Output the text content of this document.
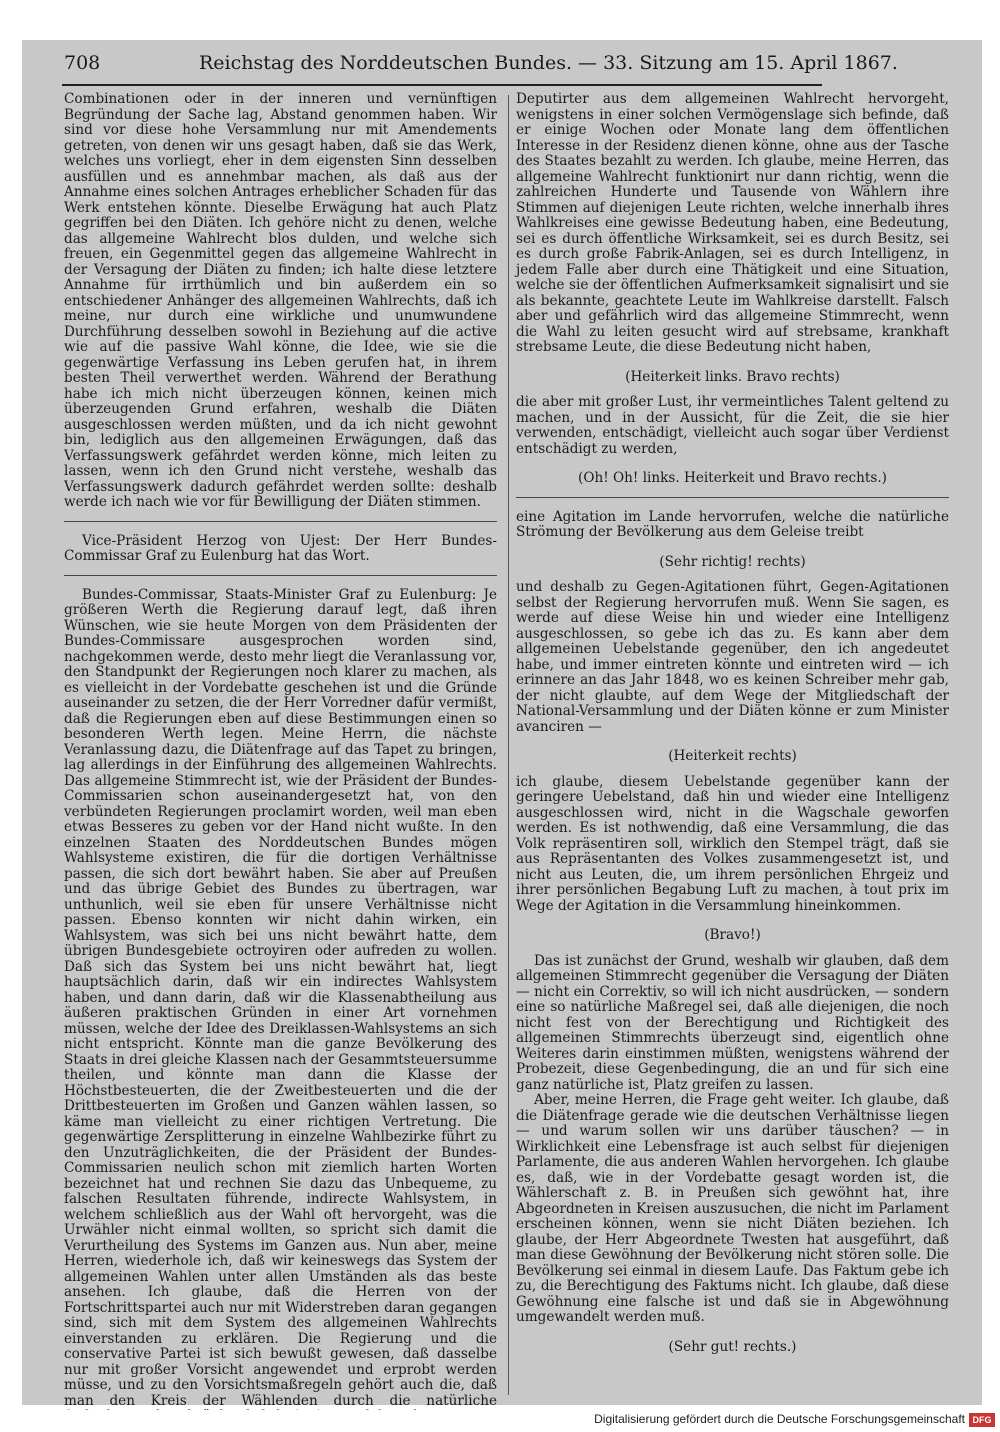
708	Reichstag des Norddeutschen Bundes. — 33. Sitzung am 15. April 1867.

Combinationen oder in der inneren und vernünftigen Begründung der Sache lag, Abstand genommen haben. Wir sind vor diese hohe Versammlung nur mit Amendements getreten, von denen wir uns gesagt haben, daß sie das Werk, welches uns vorliegt, eher in dem eigensten Sinn desselben ausfüllen und es annehmbar machen, als daß aus der Annahme eines solchen Antrages erheblicher Schaden für das Werk entstehen könnte. Dieselbe Erwägung hat auch Platz gegriffen bei den Diäten. Ich gehöre nicht zu denen, welche das allgemeine Wahlrecht blos dulden, und welche sich freuen, ein Gegenmittel gegen das allgemeine Wahlrecht in der Versagung der Diäten zu finden; ich halte diese letztere Annahme für irrthümlich und bin außerdem ein so entschiedener Anhänger des allgemeinen Wahlrechts, daß ich meine, nur durch eine wirkliche und unumwundene Durchführung desselben sowohl in Beziehung auf die active wie auf die passive Wahl könne, die Idee, wie sie die gegenwärtige Verfassung ins Leben gerufen hat, in ihrem besten Theil verwerthet werden. Während der Berathung habe ich mich nicht überzeugen können, keinen mich überzeugenden Grund erfahren, weshalb die Diäten ausgeschlossen werden müßten, und da ich nicht gewohnt bin, lediglich aus den allgemeinen Erwägungen, daß das Verfassungswerk gefährdet werden könne, mich leiten zu lassen, wenn ich den Grund nicht verstehe, weshalb das Verfassungswerk dadurch gefährdet werden sollte: deshalb werde ich nach wie vor für Bewilligung der Diäten stimmen.

Vice-Präsident Herzog von Ujest: Der Herr Bundes-Commissar Graf zu Eulenburg hat das Wort.

Bundes-Commissar, Staats-Minister Graf zu Eulenburg: Je größeren Werth die Regierung darauf legt, daß ihren Wünschen, wie sie heute Morgen von dem Präsidenten der Bundes-Commissare ausgesprochen worden sind, nachgekommen werde, desto mehr liegt die Veranlassung vor, den Standpunkt der Regierungen noch klarer zu machen, als es vielleicht in der Vordebatte geschehen ist und die Gründe auseinander zu setzen, die der Herr Vorredner dafür vermißt, daß die Regierungen eben auf diese Bestimmungen einen so besonderen Werth legen. Meine Herrn, die nächste Veranlassung dazu, die Diätenfrage auf das Tapet zu bringen, lag allerdings in der Einführung des allgemeinen Wahlrechts. Das allgemeine Stimmrecht ist, wie der Präsident der Bundes-Commissarien schon auseinandergesetzt hat, von den verbündeten Regierungen proclamirt worden, weil man eben etwas Besseres zu geben vor der Hand nicht wußte. In den einzelnen Staaten des Norddeutschen Bundes mögen Wahlsysteme existiren, die für die dortigen Verhältnisse passen, die sich dort bewährt haben. Sie aber auf Preußen und das übrige Gebiet des Bundes zu übertragen, war unthunlich, weil sie eben für unsere Verhältnisse nicht passen. Ebenso konnten wir nicht dahin wirken, ein Wahlsystem, was sich bei uns nicht bewährt hatte, dem übrigen Bundesgebiete octroyiren oder aufreden zu wollen. Daß sich das System bei uns nicht bewährt hat, liegt hauptsächlich darin, daß wir ein indirectes Wahlsystem haben, und dann darin, daß wir die Klassenabtheilung aus äußeren praktischen Gründen in einer Art vornehmen müssen, welche der Idee des Dreiklassen-Wahlsystems an sich nicht entspricht. Könnte man die ganze Bevölkerung des Staats in drei gleiche Klassen nach der Gesammtsteuersumme theilen, und könnte man dann die Klasse der Höchstbesteuerten, die der Zweitbesteuerten und die der Drittbesteuerten im Großen und Ganzen wählen lassen, so käme man vielleicht zu einer richtigen Vertretung. Die gegenwärtige Zersplitterung in einzelne Wahlbezirke führt zu den Unzuträglichkeiten, die der Präsident der Bundes-Commissarien neulich schon mit ziemlich harten Worten bezeichnet hat und rechnen Sie dazu das Unbequeme, zu falschen Resultaten führende, indirecte Wahlsystem, in welchem schließlich aus der Wahl oft hervorgeht, was die Urwähler nicht einmal wollten, so spricht sich damit die Verurtheilung des Systems im Ganzen aus. Nun aber, meine Herren, wiederhole ich, daß wir keineswegs das System der allgemeinen Wahlen unter allen Umständen als das beste ansehen. Ich glaube, daß die Herren von der Fortschrittspartei auch nur mit Widerstreben daran gegangen sind, sich mit dem System des allgemeinen Wahlrechts einverstanden zu erklären. Die Regierung und die conservative Partei ist sich bewußt gewesen, daß dasselbe nur mit großer Vorsicht angewendet und erprobt werden müsse, und zu den Vorsichtsmaßregeln gehört auch die, daß man den Kreis der Wählenden durch die natürliche

Deputirter aus dem allgemeinen Wahlrecht hervorgeht, wenigstens in einer solchen Vermögenslage sich befinde, daß er einige Wochen oder Monate lang dem öffentlichen Interesse in der Residenz dienen könne, ohne aus der Tasche des Staates bezahlt zu werden. Ich glaube, meine Herren, das allgemeine Wahlrecht funktionirt nur dann richtig, wenn die zahlreichen Hunderte und Tausende von Wählern ihre Stimmen auf diejenigen Leute richten, welche innerhalb ihres Wahlkreises eine gewisse Bedeutung haben, eine Bedeutung, sei es durch öffentliche Wirksamkeit, sei es durch Besitz, sei es durch große Fabrik-Anlagen, sei es durch Intelligenz, in jedem Falle aber durch eine Thätigkeit und eine Situation, welche sie der öffentlichen Aufmerksamkeit signalisirt und sie als bekannte, geachtete Leute im Wahlkreise darstellt. Falsch aber und gefährlich wird das allgemeine Stimmrecht, wenn die Wahl zu leiten gesucht wird auf strebsame, krankhaft strebsame Leute, die diese Bedeutung nicht haben,

(Heiterkeit links. Bravo rechts)

die aber mit großer Lust, ihr vermeintliches Talent geltend zu machen, und in der Aussicht, für die Zeit, die sie hier verwenden, entschädigt, vielleicht auch sogar über Verdienst entschädigt zu werden,

(Oh! Oh! links. Heiterkeit und Bravo rechts.)

eine Agitation im Lande hervorrufen, welche die natürliche Strömung der Bevölkerung aus dem Geleise treibt

(Sehr richtig! rechts)

und deshalb zu Gegen-Agitationen führt, Gegen-Agitationen selbst der Regierung hervorrufen muß. Wenn Sie sagen, es werde auf diese Weise hin und wieder eine Intelligenz ausgeschlossen, so gebe ich das zu. Es kann aber dem allgemeinen Uebelstande gegenüber, den ich angedeutet habe, und immer eintreten könnte und eintreten wird — ich erinnere an das Jahr 1848, wo es keinen Schreiber mehr gab, der nicht glaubte, auf dem Wege der Mitgliedschaft der National-Versammlung und der Diäten könne er zum Minister avanciren —

(Heiterkeit rechts)

ich glaube, diesem Uebelstande gegenüber kann der geringere Uebelstand, daß hin und wieder eine Intelligenz ausgeschlossen wird, nicht in die Wagschale geworfen werden. Es ist nothwendig, daß eine Versammlung, die das Volk repräsentiren soll, wirklich den Stempel trägt, daß sie aus Repräsentanten des Volkes zusammengesetzt ist, und nicht aus Leuten, die, um ihrem persönlichen Ehrgeiz und ihrer persönlichen Begabung Luft zu machen, à tout prix im Wege der Agitation in die Versammlung hineinkommen.

(Bravo!)

Das ist zunächst der Grund, weshalb wir glauben, daß dem allgemeinen Stimmrecht gegenüber die Versagung der Diäten — nicht ein Correktiv, so will ich nicht ausdrücken, — sondern eine so natürliche Maßregel sei, daß alle diejenigen, die noch nicht fest von der Berechtigung und Richtigkeit des allgemeinen Stimmrechts überzeugt sind, eigentlich ohne Weiteres darin einstimmen müßten, wenigstens während der Probezeit, diese Gegenbedingung, die an und für sich eine ganz natürliche ist, Platz greifen zu lassen.

Aber, meine Herren, die Frage geht weiter. Ich glaube, daß die Diätenfrage gerade wie die deutschen Verhältnisse liegen — und warum sollen wir uns darüber täuschen? — in Wirklichkeit eine Lebensfrage ist auch selbst für diejenigen Parlamente, die aus anderen Wahlen hervorgehen. Ich glaube es, daß, wie in der Vordebatte gesagt worden ist, die Wählerschaft z. B. in Preußen sich gewöhnt hat, ihre Abgeordneten in Kreisen auszusuchen, die nicht im Parlament erscheinen können, wenn sie nicht Diäten beziehen. Ich glaube, der Herr Abgeordnete Twesten hat ausgeführt, daß man diese Gewöhnung der Bevölkerung nicht stören solle. Die Bevölkerung sei einmal in diesem Laufe. Das Faktum gebe ich zu, die Berechtigung des Faktums nicht. Ich glaube, daß diese Gewöhnung eine falsche ist und daß sie in Abgewöhnung umgewandelt werden muß.

(Sehr gut! rechts.)
Digitalisierung gefördert durch die Deutsche Forschungsgemeinschaft DFG
